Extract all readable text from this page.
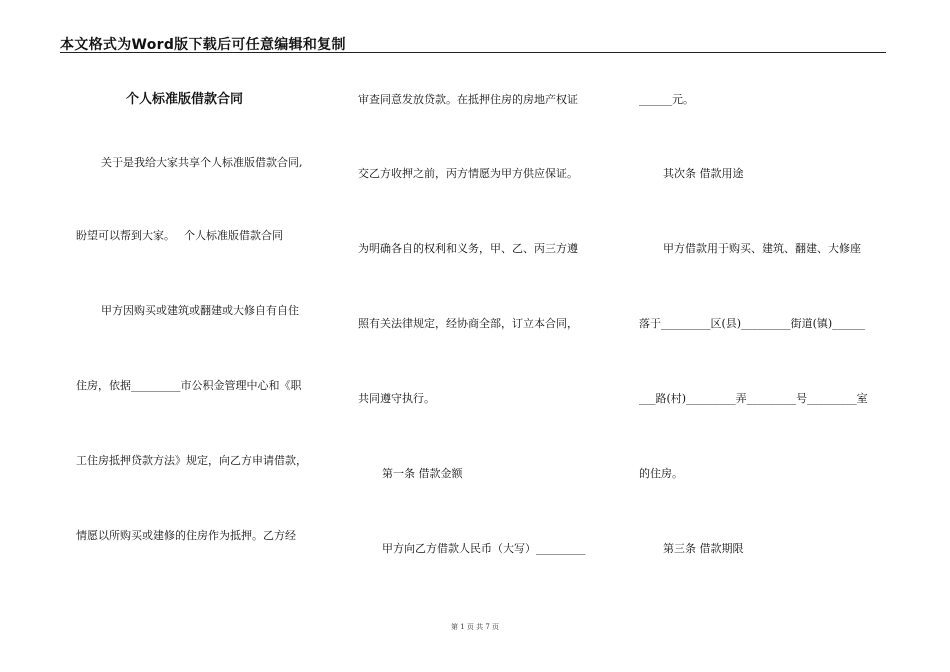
本文格式为Word版下载后可任意编辑和复制
个人标准版借款合同
关于是我给大家共享个人标准版借款合同,
盼望可以帮到大家。　 个人标准版借款合同
甲方因购买或建筑或翻建或大修自有自住
住房，依据_________市公积金管理中心和《职
工住房抵押贷款方法》规定，向乙方申请借款，
情愿以所购买或建修的住房作为抵押。乙方经
审查同意发放贷款。在抵押住房的房地产权证
交乙方收押之前，丙方情愿为甲方供应保证。
为明确各自的权利和义务，甲、乙、丙三方遵
照有关法律规定，经协商全部，订立本合同，
共同遵守执行。
第一条 借款金额
甲方向乙方借款人民币（大写）_________
______元。
其次条 借款用途
甲方借款用于购买、建筑、翻建、大修座
落于_________区(县)_________街道(镇)______
___路(村)_________弄_________号_________室
的住房。
第三条 借款期限
第 1 页 共 7 页
